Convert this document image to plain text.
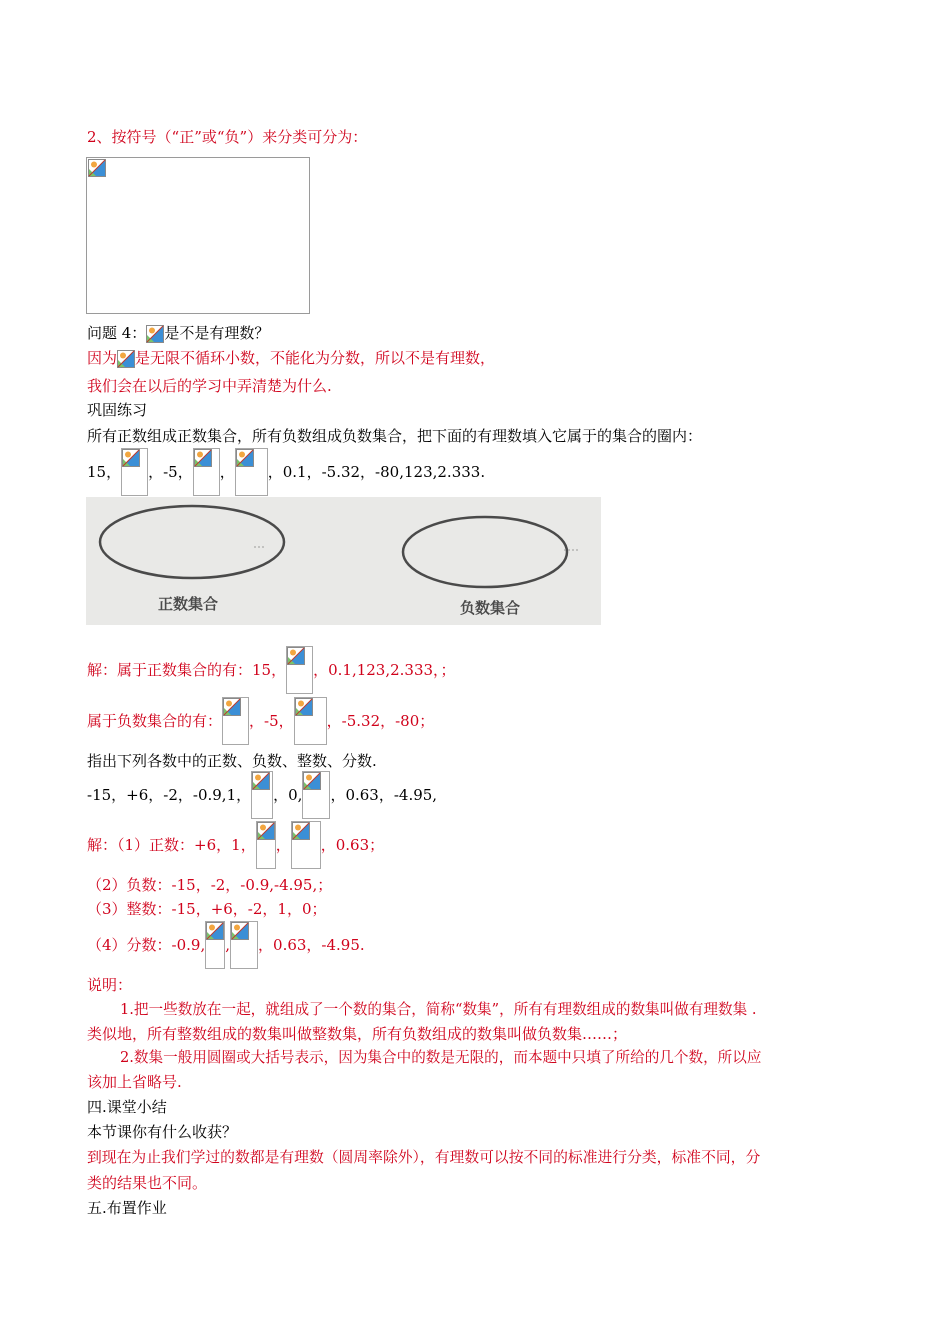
2、按符号（“正”或“负”）来分类可分为：
问题 4： 是不是有理数？
因为 是无限不循环小数，不能化为分数，所以不是有理数，
我们会在以后的学习中弄清楚为什么.
巩固练习
所有正数组成正数集合，所有负数组成负数集合，把下面的有理数填入它属于的集合的圈内：
15， ，-5， ， ，0.1，-5.32，-80,123,2.333.
正数集合	负数集合
解：属于正数集合的有：15， ，0.1,123,2.333，；
属于负数集合的有： ，-5， ，-5.32，-80；
指出下列各数中的正数、负数、整数、分数.
-15，+6，-2，-0.9,1， ，0, ，0.63，-4.95,
解：（1）正数：+6，1， ， ，0.63；
（2）负数：-15，-2，-0.9,-4.95,；
（3）整数：-15，+6，-2，1，0；
（4）分数：-0.9, , ，0.63，-4.95.
说明：
1.把一些数放在一起，就组成了一个数的集合，简称“数集”，所有有理数组成的数集叫做有理数集 .
类似地，所有整数组成的数集叫做整数集，所有负数组成的数集叫做负数集……；
2.数集一般用圆圈或大括号表示，因为集合中的数是无限的，而本题中只填了所给的几个数，所以应
该加上省略号.
四.课堂小结
本节课你有什么收获？
到现在为止我们学过的数都是有理数（圆周率除外），有理数可以按不同的标准进行分类，标准不同，分
类的结果也不同。
五.布置作业
